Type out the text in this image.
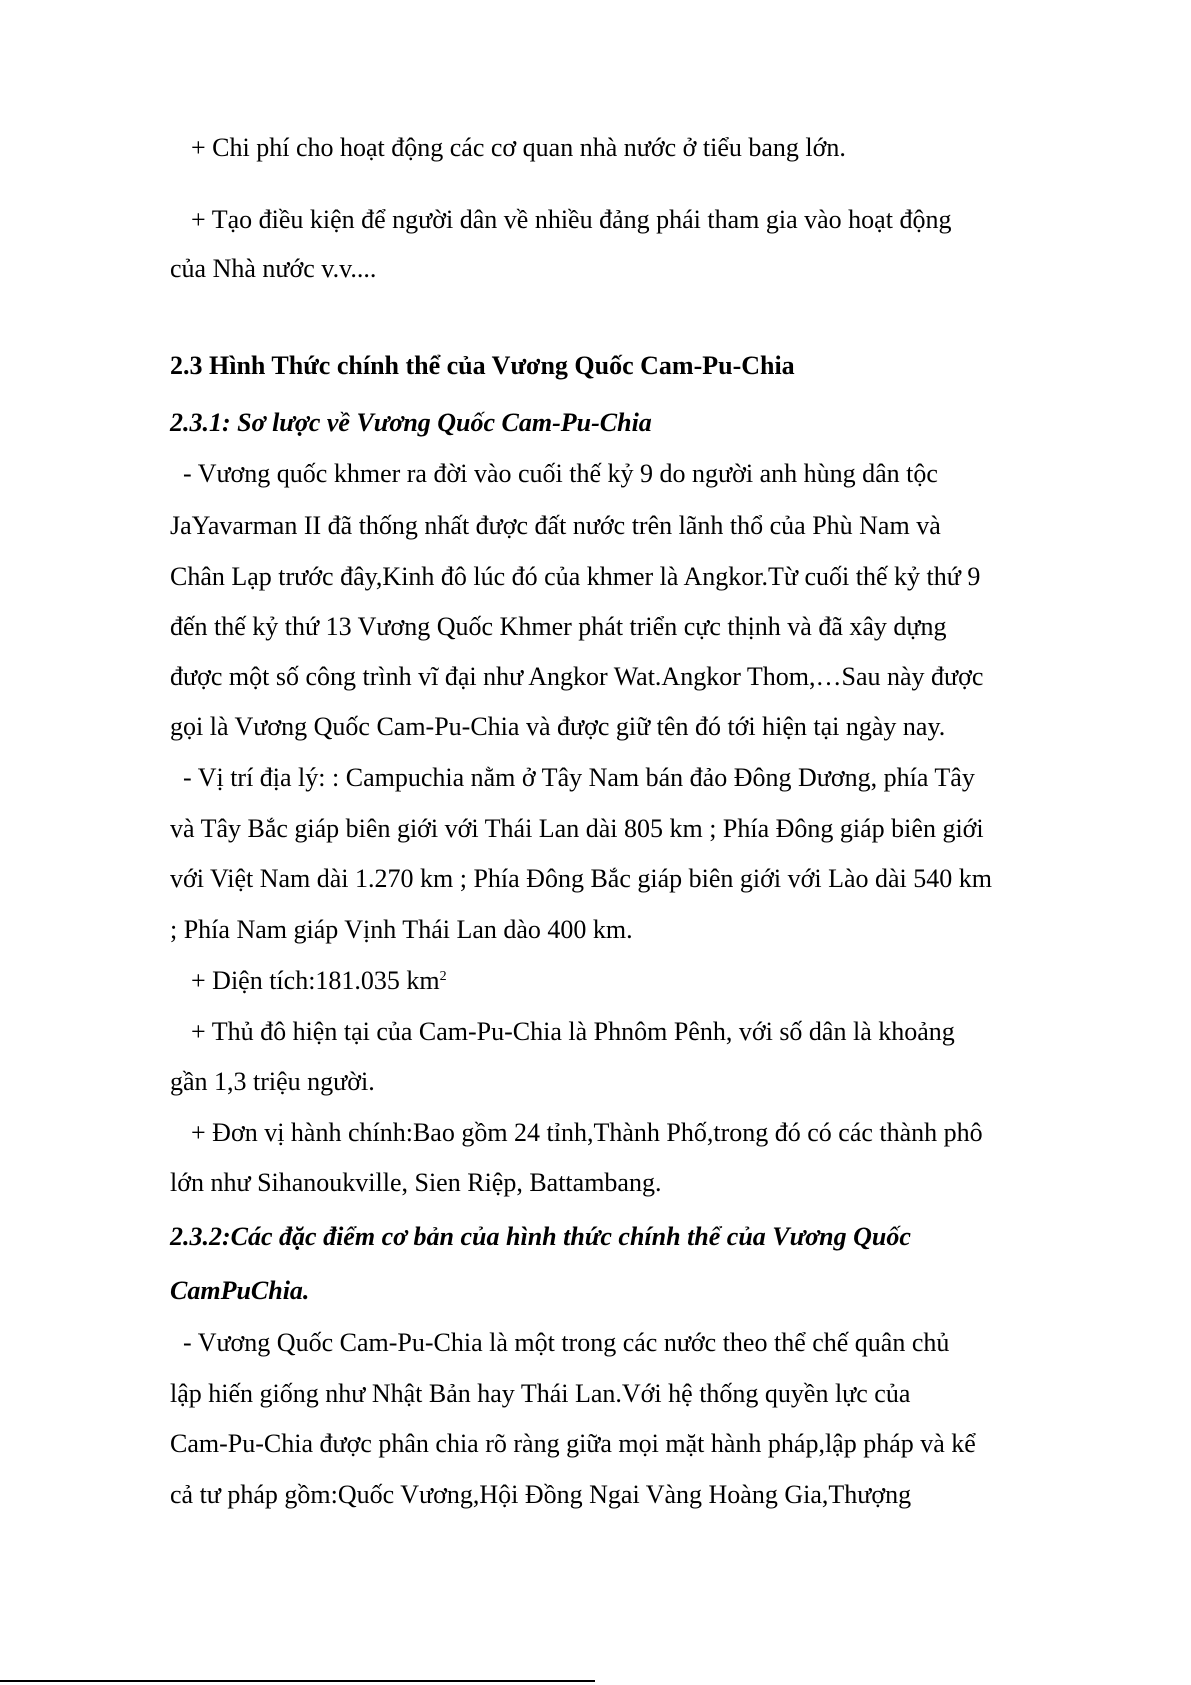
+ Chi phí cho hoạt động các cơ quan nhà nước ở tiểu bang lớn.
+ Tạo điều kiện để người dân về nhiều đảng phái tham gia vào hoạt động
của Nhà nước v.v....
2.3 Hình Thức chính thể của Vương Quốc Cam-Pu-Chia
2.3.1: Sơ lược về Vương Quốc Cam-Pu-Chia
- Vương quốc khmer ra đời vào cuối thế kỷ 9 do người anh hùng dân tộc
JaYavarman II đã thống nhất được đất nước trên lãnh thổ của Phù Nam và
Chân Lạp trước đây,Kinh đô lúc đó của khmer là Angkor.Từ cuối thế kỷ thứ 9
đến thế kỷ thứ 13 Vương Quốc Khmer phát triển cực thịnh và đã xây dựng
được một số công trình vĩ đại như Angkor Wat.Angkor Thom,…Sau này được
gọi là Vương Quốc Cam-Pu-Chia và được giữ tên đó tới hiện tại ngày nay.
- Vị trí địa lý: : Campuchia nằm ở Tây Nam bán đảo Đông Dương, phía Tây
và Tây Bắc giáp biên giới với Thái Lan dài 805 km ; Phía Đông giáp biên giới
với Việt Nam dài 1.270 km ; Phía Đông Bắc giáp biên giới với Lào dài 540 km
; Phía Nam giáp Vịnh Thái Lan dào 400 km.
+ Diện tích:181.035 $km^2$
+ Thủ đô hiện tại của Cam-Pu-Chia là Phnôm Pênh, với số dân là khoảng
gần 1,3 triệu người.
+ Đơn vị hành chính:Bao gồm 24 tỉnh,Thành Phố,trong đó có các thành phô
lớn như Sihanoukville, Sien Riệp, Battambang.
2.3.2:Các đặc điểm cơ bản của hình thức chính thể của Vương Quốc
CamPuChia.
- Vương Quốc Cam-Pu-Chia là một trong các nước theo thể chế quân chủ
lập hiến giống như Nhật Bản hay Thái Lan.Với hệ thống quyền lực của
Cam-Pu-Chia được phân chia rõ ràng giữa mọi mặt hành pháp,lập pháp và kể
cả tư pháp gồm:Quốc Vương,Hội Đồng Ngai Vàng Hoàng Gia,Thượng
